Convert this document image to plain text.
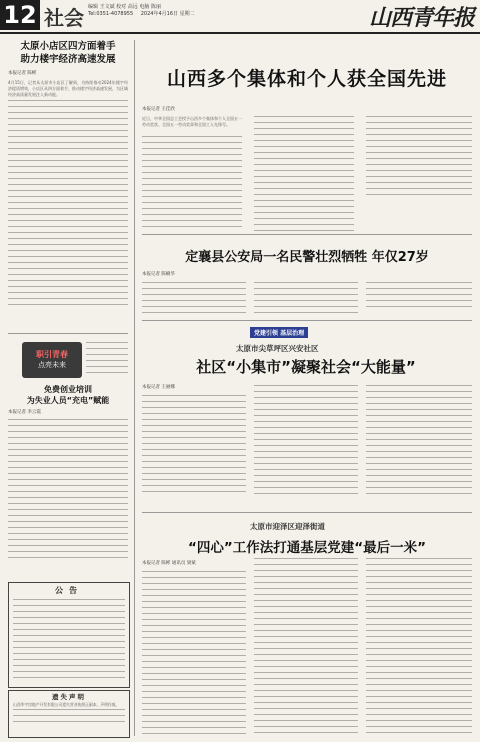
12 社会 编辑 王文斌 校对 高远 电脑 陈丽
Tel:0351-4078955 2024年4月16日 星期二	山西青年报
太原小店区四方面着手
助力楼宇经济高速发展
本报记者 陈彬
4月15日，记者从太原市小店区了解到，为持续推动2024年楼宇经济提质增效，小店区从四方面着手，推动楼宇经济高速发展，为区域经济高质量发展注入新动能。
职引青春
点亮未来
免费创业培训
为失业人员“充电”赋能
本报记者 李云霞
公告
遗失声明
山西华宇房地产开发有限公司遗失营业执照正副本，声明作废。
山西多个集体和个人获全国先进
本报记者 王佳欣
近日，中华全国总工会授予山西多个集体和个人全国五一劳动奖状、全国五一劳动奖章和全国工人先锋号。
定襄县公安局一名民警壮烈牺牲 年仅27岁
本报记者 陈楠华
党建引领 基层治理
太原市尖草坪区兴安社区
社区“小集市”凝聚社会“大能量”
本报记者 王丽娜
太原市迎泽区迎泽街道
“四心”工作法打通基层党建“最后一米”
本报记者 陈彬 通讯员 梁斌
